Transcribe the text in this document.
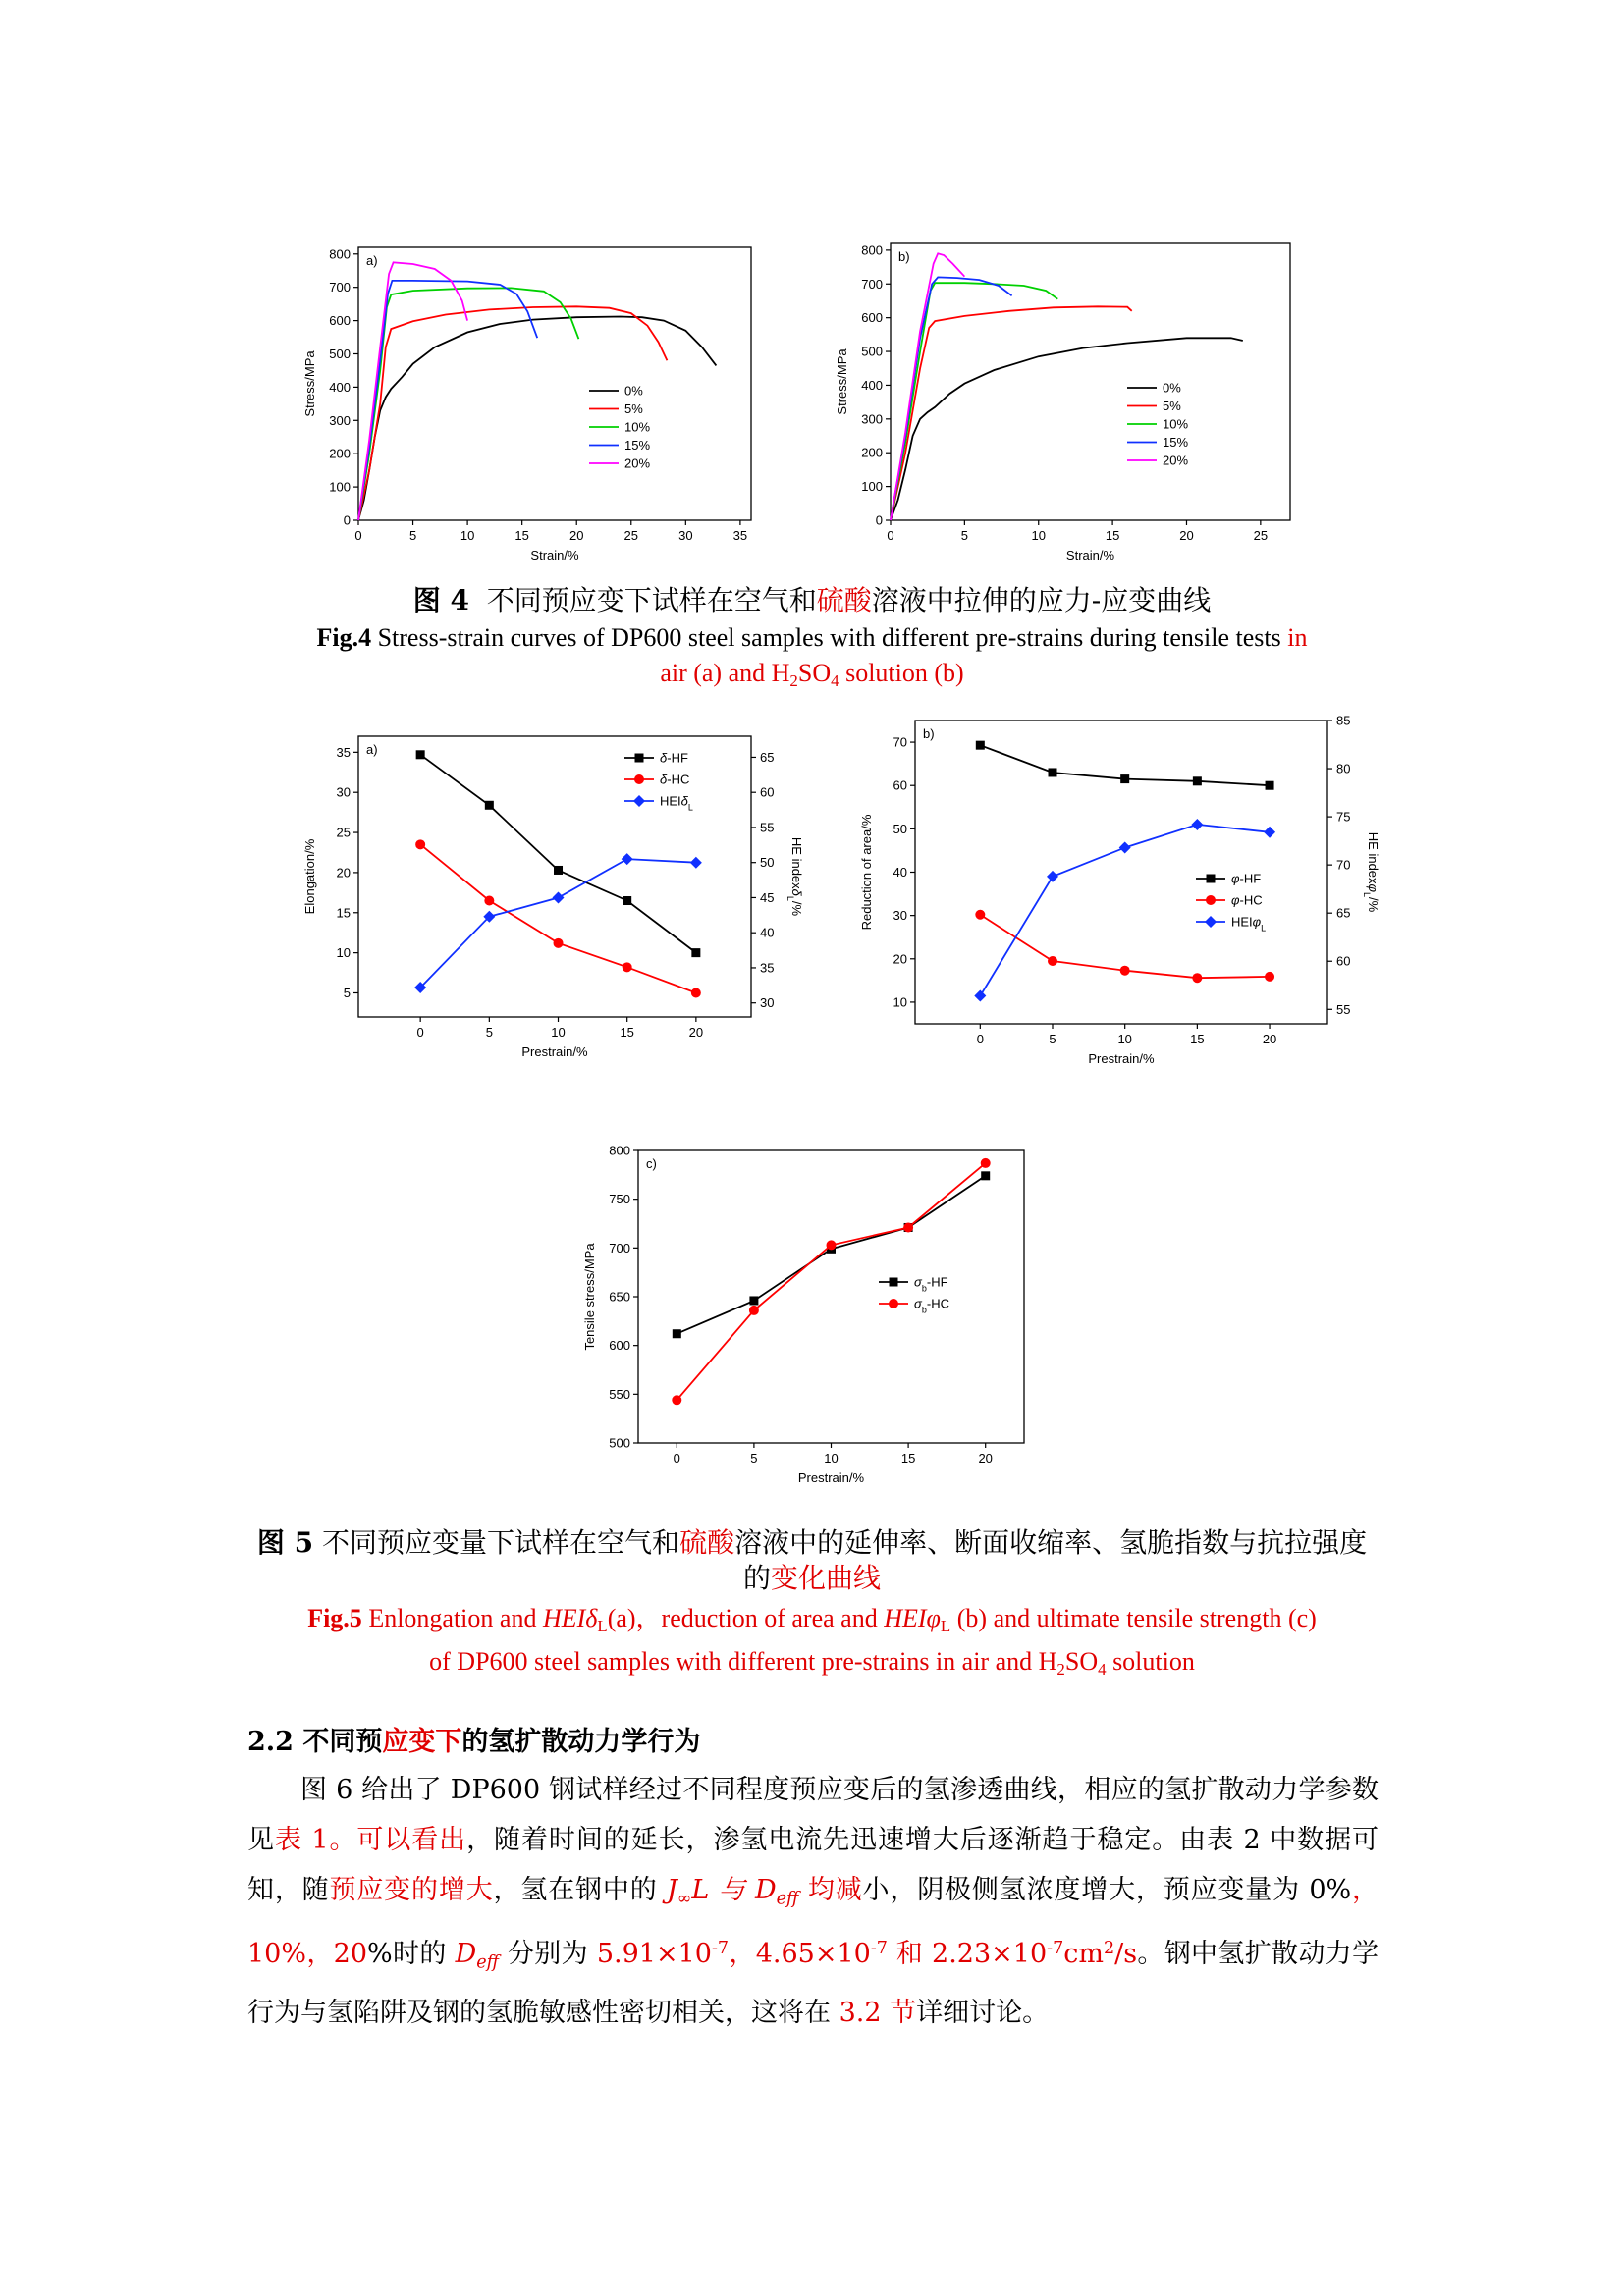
0	5	10	15	20	25	30	35
0
100
200
300
400
500
600
700
800
Strain/%
Stress/MPa
a)
0%
5%
10%
15%
20%
0	5	10	15	20	25
0
100
200
300
400
500
600
700
800
Strain/%
Stress/MPa
b)
0%
5%
10%
15%
20%
0	5	10	15	20
5
10
15
20
25
30
35
30
35
40
45
50
55
60
65
Prestrain/%
Elongation/%	HE indexδ$_L$/%
a)
δ-HF
δ-HC
HEIδ$_L$
0	5	10	15	20
10
20
30
40
50
60
70
55
60
65
70
75
80
85
Prestrain/%
Reduction of area/%	HE indexφ$_L$/%
b)
φ-HF
φ-HC
HEIφ$_L$
0	5	10	15	20
500
550
600
650
700
750
800
Prestrain/%
Tensile stress/MPa
c)
$\sigma_b-HF$
$\sigma_b-HC$
图 4 不同预应变下试样在空气和硫酸溶液中拉伸的应力-应变曲线
Fig.4 Stress-strain curves of DP600 steel samples with different pre-strains during tensile tests in
air (a) and $H_2SO_4$ solution (b)
图 5 不同预应变量下试样在空气和硫酸溶液中的延伸率、断面收缩率、氢脆指数与抗拉强度
的变化曲线
Fig.5 Enlongation and HEIδ$_L$(a)，reduction of area and HEIφ$_L$ (b) and ultimate tensile strength (c)
of DP600 steel samples with different pre-strains in air and $H_2SO_4$ solution
2.2 不同预应变下的氢扩散动力学行为

图 6 给出了 DP600 钢试样经过不同程度预应变后的氢渗透曲线，相应的氢扩散动力学参数见表 1。可以看出，随着时间的延长，渗氢电流先迅速增大后逐渐趋于稳定。由表 2 中数据可知，随预应变的增大，氢在钢中的 $J_\infty L$ 与 $D_{eff}$ 均减小，阴极侧氢浓度增大，预应变量为 0%，10%，20%时的 $D_{eff}$ 分别为 $5.91\times 10^{-7}$，$4.65\times 10^{-7}$ 和 $2.23\times 10^{-7}cm^2/s$。钢中氢扩散动力学行为与氢陷阱及钢的氢脆敏感性密切相关，这将在 3.2 节详细讨论。
